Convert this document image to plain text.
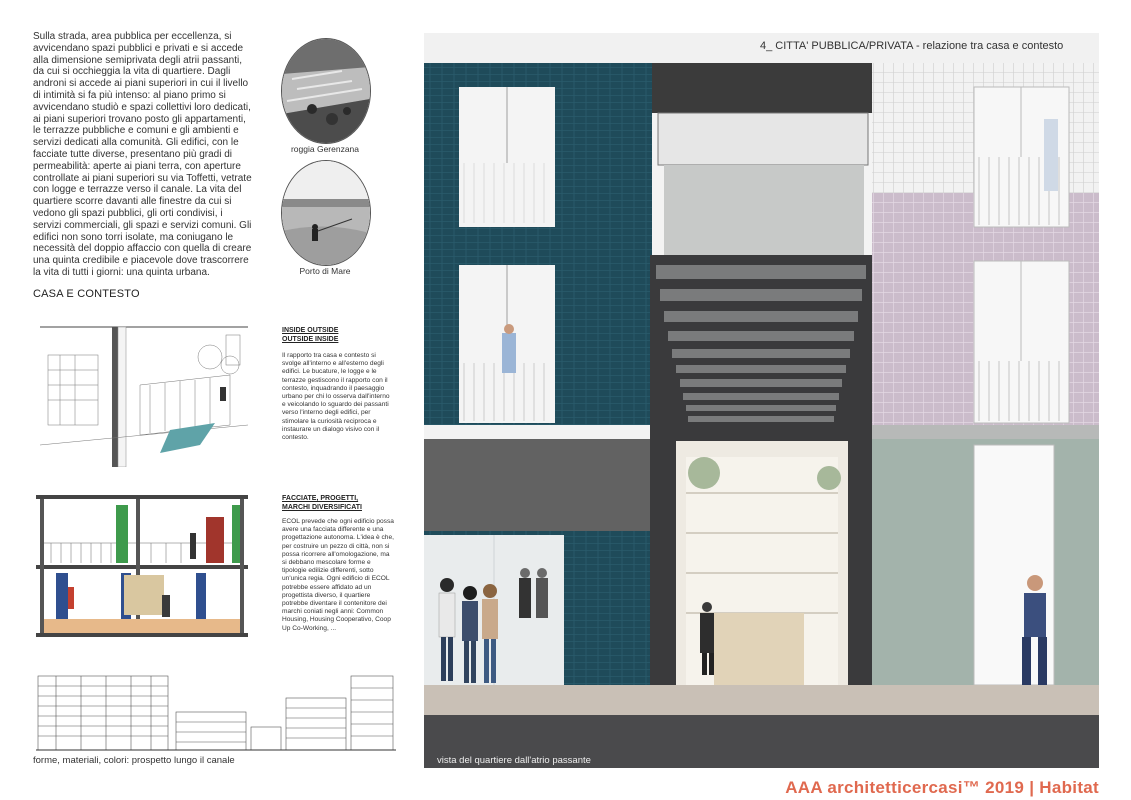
Sulla strada, area pubblica per eccellenza, si avvicendano spazi pubblici e privati e si accede alla dimensione semiprivata degli atrii passanti, da cui si occhieggia la vita di quartiere. Dagli androni si accede ai piani superiori in cui il livello di intimità si fa più intenso: al piano primo si avvicendano studiò e spazi collettivi loro dedicati, ai piani superiori trovano posto gli appartamenti, le terrazze pubbliche e comuni e gli ambienti e servizi dedicati alla comunità. Gli edifici, con le facciate tutte diverse, presentano più gradi di permeabilità: aperte ai piani terra, con aperture controllate ai piani superiori su via Toffetti, vetrate con logge e terrazze verso il canale. La vita del quartiere scorre davanti alle finestre da cui si vedono gli spazi pubblici, gli orti condivisi, i servizi commerciali, gli spazi e servizi comuni. Gli edifici non sono torri isolate, ma coniugano le necessità del doppio affaccio con quella di creare una quinta credibile e piacevole dove trascorrere la vita di tutti i giorni: una quinta urbana.
roggia Gerenzana
Porto di Mare
CASA E CONTESTO
INSIDE OUTSIDE
OUTSIDE INSIDE
Il rapporto tra casa e contesto si svolge all'interno e all'esterno degli edifici. Le bucature, le logge e le terrazze gestiscono il rapporto con il contesto, inquadrando il paesaggio urbano per chi lo osserva dall'interno e veicolando lo sguardo dei passanti verso l'interno degli edifici, per stimolare la curiosità reciproca e instaurare un dialogo visivo con il contesto.
FACCIATE, PROGETTI,
MARCHI DIVERSIFICATI
ECOL prevede che ogni edificio possa avere una facciata differente e una progettazione autonoma. L'idea è che, per costruire un pezzo di città, non si possa ricorrere all'omologazione, ma si debbano mescolare forme e tipologie edilizie differenti, sotto un'unica regia. Ogni edificio di ECOL potrebbe essere affidato ad un progettista diverso, il quartiere potrebbe diventare il contenitore dei marchi coniati negli anni: Common Housing, Housing Cooperativo, Coop Up Co-Working, ...
forme, materiali, colori: prospetto lungo il canale
4_ CITTA' PUBBLICA/PRIVATA - relazione tra casa e contesto
vista del quartiere dall'atrio passante
AAA architetticercasi™ 2019 | Habitat
